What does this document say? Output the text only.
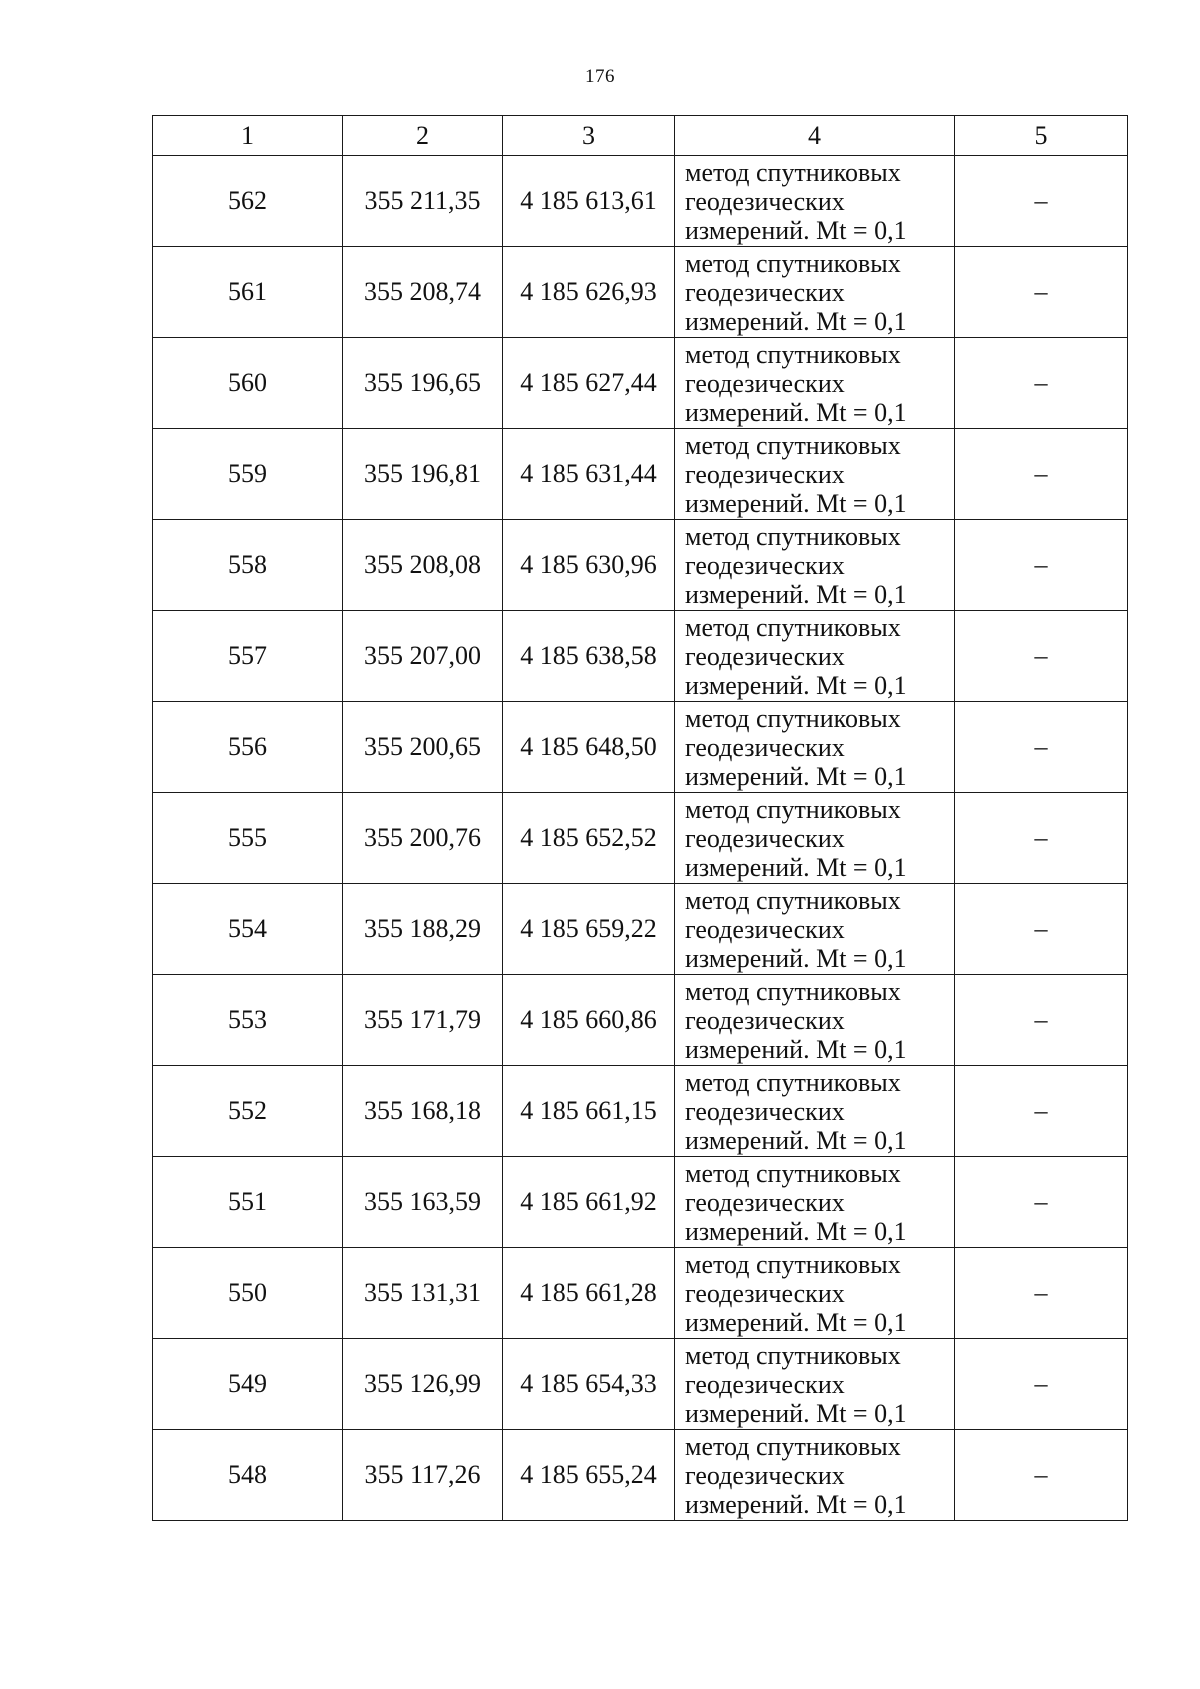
176
1	2	3	4	5
562	355 211,35	4 185 613,61	метод спутниковых
геодезических
измерений. Mt = 0,1	–
561	355 208,74	4 185 626,93	метод спутниковых
геодезических
измерений. Mt = 0,1	–
560	355 196,65	4 185 627,44	метод спутниковых
геодезических
измерений. Mt = 0,1	–
559	355 196,81	4 185 631,44	метод спутниковых
геодезических
измерений. Mt = 0,1	–
558	355 208,08	4 185 630,96	метод спутниковых
геодезических
измерений. Mt = 0,1	–
557	355 207,00	4 185 638,58	метод спутниковых
геодезических
измерений. Mt = 0,1	–
556	355 200,65	4 185 648,50	метод спутниковых
геодезических
измерений. Mt = 0,1	–
555	355 200,76	4 185 652,52	метод спутниковых
геодезических
измерений. Mt = 0,1	–
554	355 188,29	4 185 659,22	метод спутниковых
геодезических
измерений. Mt = 0,1	–
553	355 171,79	4 185 660,86	метод спутниковых
геодезических
измерений. Mt = 0,1	–
552	355 168,18	4 185 661,15	метод спутниковых
геодезических
измерений. Mt = 0,1	–
551	355 163,59	4 185 661,92	метод спутниковых
геодезических
измерений. Mt = 0,1	–
550	355 131,31	4 185 661,28	метод спутниковых
геодезических
измерений. Mt = 0,1	–
549	355 126,99	4 185 654,33	метод спутниковых
геодезических
измерений. Mt = 0,1	–
548	355 117,26	4 185 655,24	метод спутниковых
геодезических
измерений. Mt = 0,1	–
